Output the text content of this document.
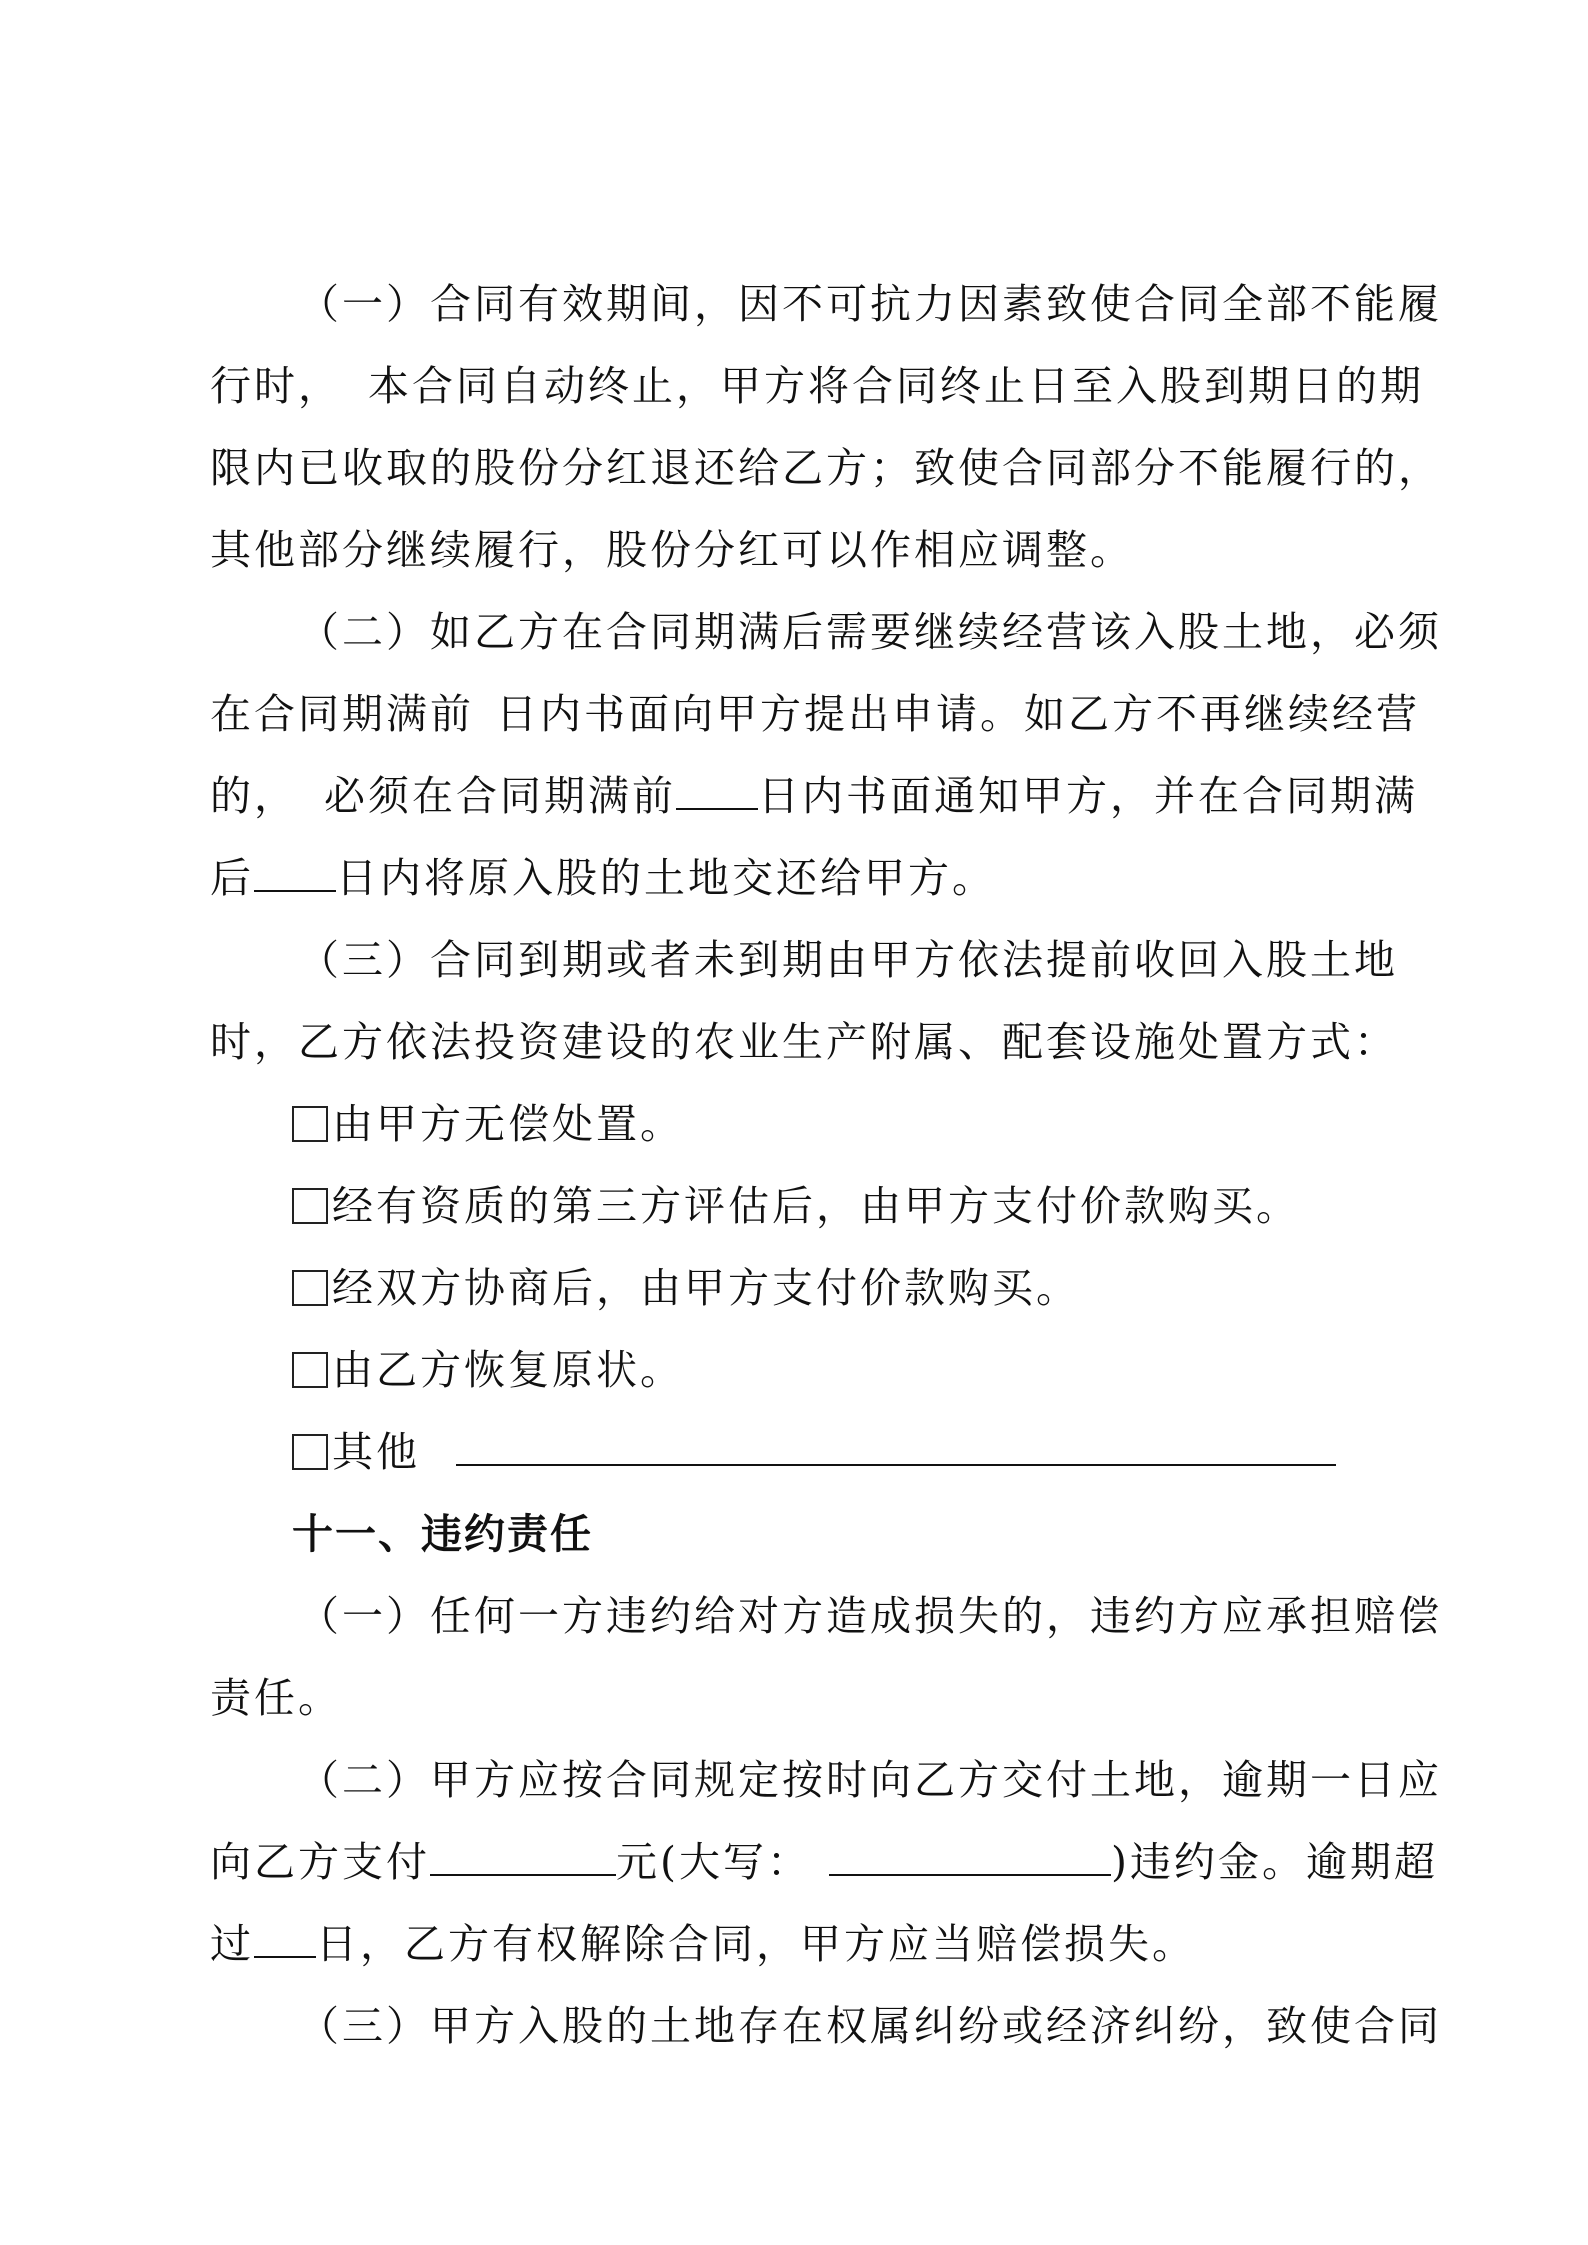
（一）合同有效期间，因不可抗力因素致使合同全部不能履
行时， 本合同自动终止，甲方将合同终止日至入股到期日的期
限内已收取的股份分红退还给乙方；致使合同部分不能履行的，
其他部分继续履行，股份分红可以作相应调整。
（二）如乙方在合同期满后需要继续经营该入股土地，必须
在合同期满前 日内书面向甲方提出申请。如乙方不再继续经营
的， 必须在合同期满前 日内书面通知甲方，并在合同期满
后 日内将原入股的土地交还给甲方。
（三）合同到期或者未到期由甲方依法提前收回入股土地
时，乙方依法投资建设的农业生产附属、配套设施处置方式：
由甲方无偿处置。
经有资质的第三方评估后，由甲方支付价款购买。
经双方协商后，由甲方支付价款购买。
由乙方恢复原状。
其他
十一、违约责任
（一）任何一方违约给对方造成损失的，违约方应承担赔偿
责任。
（二）甲方应按合同规定按时向乙方交付土地，逾期一日应
向乙方支付	元(大写：	)违约金。逾期超
过 日，乙方有权解除合同，甲方应当赔偿损失。
（三）甲方入股的土地存在权属纠纷或经济纠纷，致使合同
